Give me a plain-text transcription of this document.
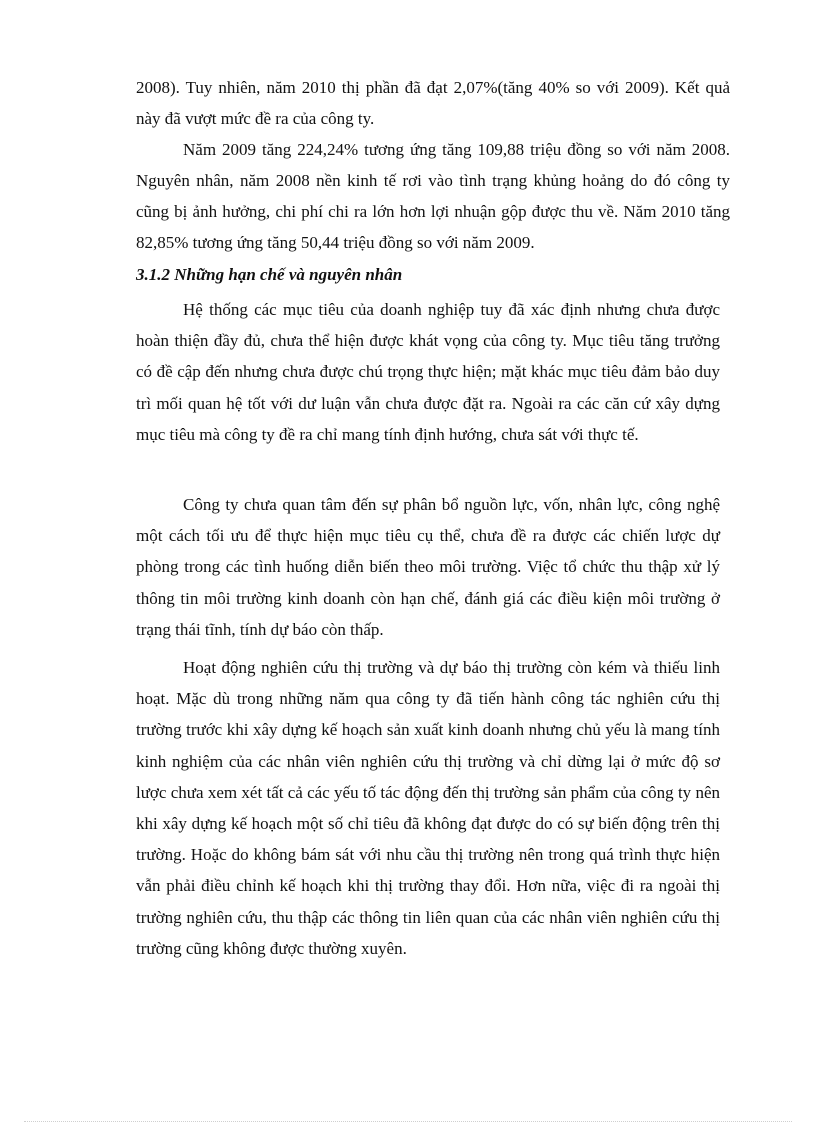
2008). Tuy nhiên, năm 2010 thị phần đã đạt 2,07%(tăng 40% so với 2009). Kết quả này đã vượt mức đề ra của công ty.

Năm 2009 tăng 224,24% tương ứng tăng 109,88 triệu đồng so với năm 2008. Nguyên nhân, năm 2008 nền kinh tế rơi vào tình trạng khủng hoảng do đó công ty cũng bị ảnh hưởng, chi phí chi ra lớn hơn lợi nhuận gộp được thu về. Năm 2010 tăng 82,85% tương ứng tăng 50,44 triệu đồng so với năm 2009.

3.1.2 Những hạn chế và nguyên nhân

Hệ thống các mục tiêu của doanh nghiệp tuy đã xác định nhưng chưa được hoàn thiện đầy đủ, chưa thể hiện được khát vọng của công ty. Mục tiêu tăng trưởng có đề cập đến nhưng chưa được chú trọng thực hiện; mặt khác mục tiêu đảm bảo duy trì mối quan hệ tốt với dư luận vẫn chưa được đặt ra. Ngoài ra các căn cứ xây dựng mục tiêu mà công ty đề ra chỉ mang tính định hướng, chưa sát với thực tế.

Công ty chưa quan tâm đến sự phân bổ nguồn lực, vốn, nhân lực, công nghệ một cách tối ưu để thực hiện mục tiêu cụ thể, chưa đề ra được các chiến lược dự phòng trong các tình huống diễn biến theo môi trường. Việc tổ chức thu thập xử lý thông tin môi trường kinh doanh còn hạn chế, đánh giá các điều kiện môi trường ở trạng thái tĩnh, tính dự báo còn thấp.

Hoạt động nghiên cứu thị trường và dự báo thị trường còn kém và thiếu linh hoạt. Mặc dù trong những năm qua công ty đã tiến hành công tác nghiên cứu thị trường trước khi xây dựng kế hoạch sản xuất kinh doanh nhưng chủ yếu là mang tính kinh nghiệm của các nhân viên nghiên cứu thị trường và chỉ dừng lại ở mức độ sơ lược chưa xem xét tất cả các yếu tố tác động đến thị trường sản phẩm của công ty nên khi xây dựng kế hoạch một số chỉ tiêu đã không đạt được do có sự biến động trên thị trường. Hoặc do không bám sát với nhu cầu thị trường nên trong quá trình thực hiện vẫn phải điều chỉnh kế hoạch khi thị trường thay đổi. Hơn nữa, việc đi ra ngoài thị trường nghiên cứu, thu thập các thông tin liên quan của các nhân viên nghiên cứu thị trường cũng không được thường xuyên.
